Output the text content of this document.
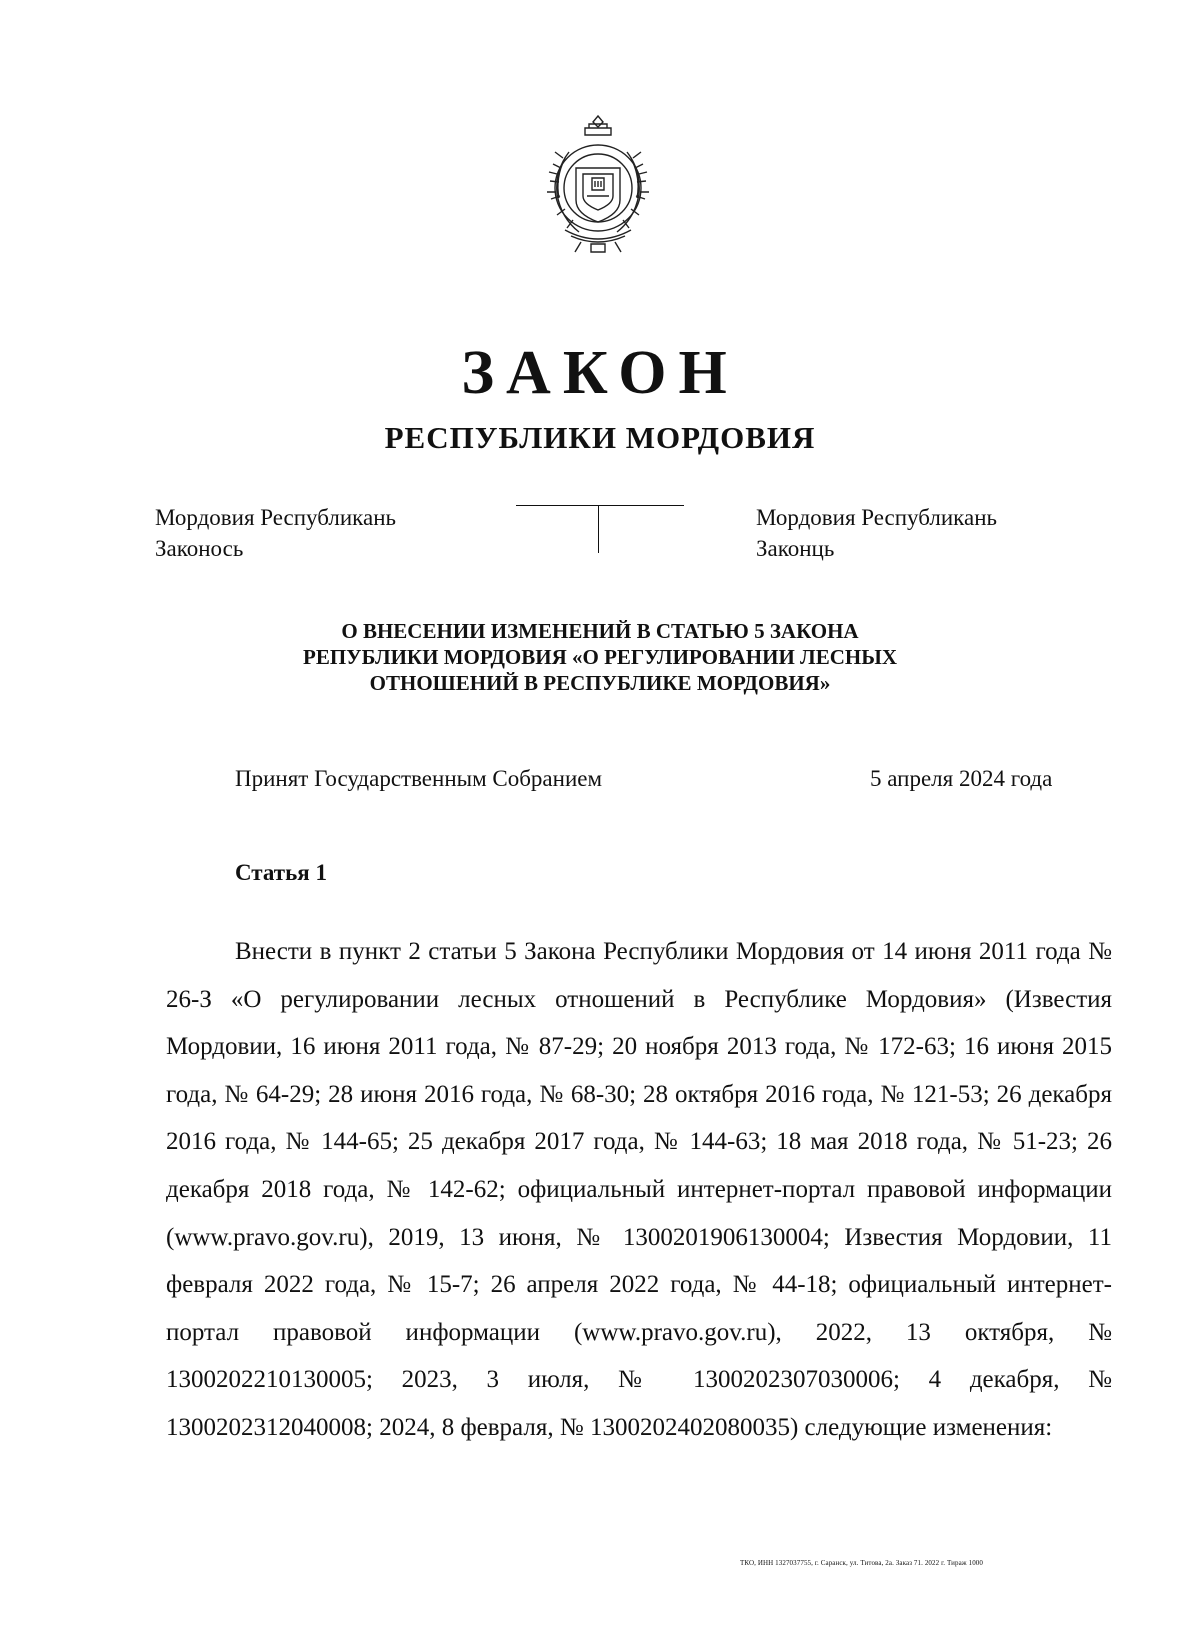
ЗАКОН
РЕСПУБЛИКИ МОРДОВИЯ
Мордовия Республикань
Законось
Мордовия Республикань
Законць
О ВНЕСЕНИИ ИЗМЕНЕНИЙ В СТАТЬЮ 5 ЗАКОНА
РЕПУБЛИКИ МОРДОВИЯ «О РЕГУЛИРОВАНИИ ЛЕСНЫХ
ОТНОШЕНИЙ В РЕСПУБЛИКЕ МОРДОВИЯ»
Принят Государственным Собранием	5 апреля 2024 года
Статья 1

Внести в пункт 2 статьи 5 Закона Республики Мордовия от 14 июня 2011 года № 26-З «О регулировании лесных отношений в Республике Мордовия» (Известия Мордовии, 16 июня 2011 года, № 87-29; 20 ноября 2013 года, № 172-63; 16 июня 2015 года, № 64-29; 28 июня 2016 года, № 68-30; 28 октября 2016 года, № 121-53; 26 декабря 2016 года, № 144-65; 25 декабря 2017 года, № 144-63; 18 мая 2018 года, № 51-23; 26 декабря 2018 года, № 142-62; официальный интернет-портал правовой информации (www.pravo.gov.ru), 2019, 13 июня, № 1300201906130004; Известия Мордовии, 11 февраля 2022 года, № 15-7; 26 апреля 2022 года, № 44-18; официальный интернет-портал правовой информации (www.pravo.gov.ru), 2022, 13 октября, № 1300202210130005; 2023, 3 июля, № 1300202307030006; 4 декабря, № 1300202312040008; 2024, 8 февраля, № 1300202402080035) следующие изменения:

ТКО, ИНН 1327037755, г. Саранск, ул. Титова, 2а. Заказ 71. 2022 г. Тираж 1000
